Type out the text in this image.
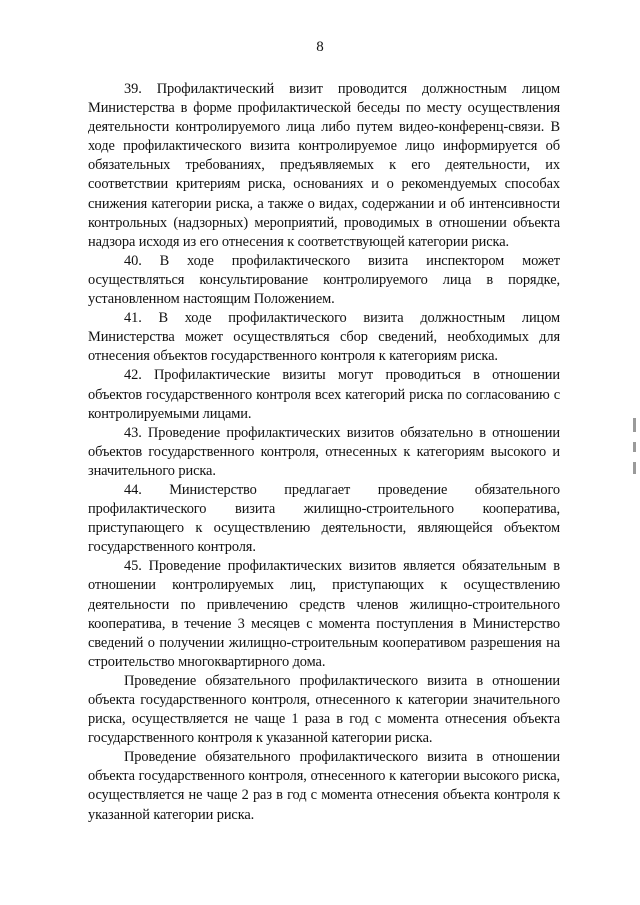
8

39. Профилактический визит проводится должностным лицом Министерства в форме профилактической беседы по месту осуществления деятельности контролируемого лица либо путем видео-конференц-связи. В ходе профилактического визита контролируемое лицо информируется об обязательных требованиях, предъявляемых к его деятельности, их соответствии критериям риска, основаниях и о рекомендуемых способах снижения категории риска, а также о видах, содержании и об интенсивности контрольных (надзорных) мероприятий, проводимых в отношении объекта надзора исходя из его отнесения к соответствующей категории риска.

40. В ходе профилактического визита инспектором может осуществляться консультирование контролируемого лица в порядке, установленном настоящим Положением.

41. В ходе профилактического визита должностным лицом Министерства может осуществляться сбор сведений, необходимых для отнесения объектов государственного контроля к категориям риска.

42. Профилактические визиты могут проводиться в отношении объектов государственного контроля всех категорий риска по согласованию с контролируемыми лицами.

43. Проведение профилактических визитов обязательно в отношении объектов государственного контроля, отнесенных к категориям высокого и значительного риска.

44. Министерство предлагает проведение обязательного профилактического визита жилищно-строительного кооператива, приступающего к осуществлению деятельности, являющейся объектом государственного контроля.

45. Проведение профилактических визитов является обязательным в отношении контролируемых лиц, приступающих к осуществлению деятельности по привлечению средств членов жилищно-строительного кооператива, в течение 3 месяцев с момента поступления в Министерство сведений о получении жилищно-строительным кооперативом разрешения на строительство многоквартирного дома.

Проведение обязательного профилактического визита в отношении объекта государственного контроля, отнесенного к категории значительного риска, осуществляется не чаще 1 раза в год с момента отнесения объекта государственного контроля к указанной категории риска.

Проведение обязательного профилактического визита в отношении объекта государственного контроля, отнесенного к категории высокого риска, осуществляется не чаще 2 раз в год с момента отнесения объекта контроля к указанной категории риска.
